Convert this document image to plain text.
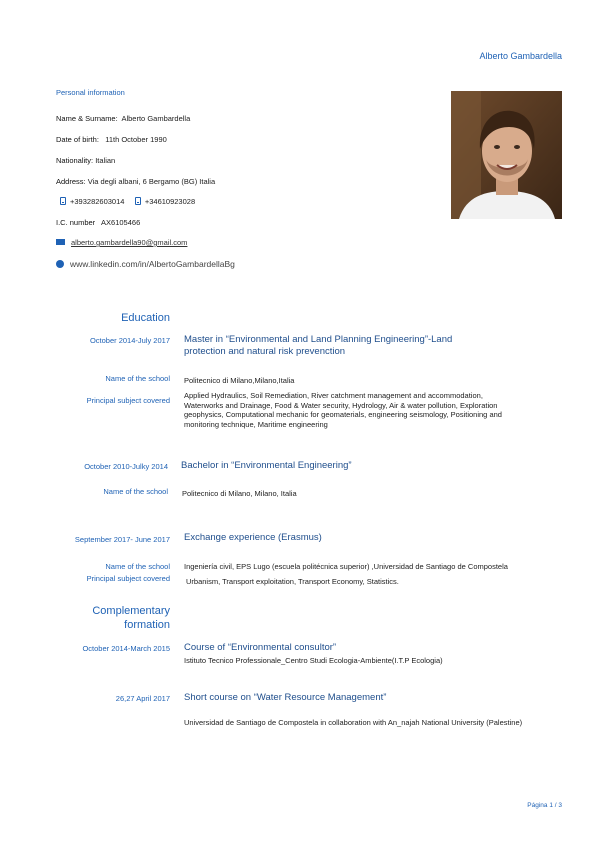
Alberto Gambardella
Personal information
Name & Surname: Alberto Gambardella
Date of birth: 11th October 1990
Nationality: Italian
Address: Via degli albani, 6 Bergamo (BG) Italia
+393282603014	+34610923028
I.C. number AX6105466
alberto.gambardella90@gmail.com
www.linkedin.com/in/AlbertoGambardellaBg
Education
October 2014-July 2017 Master in “Environmental and Land Planning Engineering”-Land
protection and natural risk prevenction
Name of the school Politecnico di Milano,Milano,Italia
Principal subject covered
Applied Hydraulics, Soil Remediation, River catchment management and accommodation,
Waterworks and Drainage, Food & Water security, Hydrology, Air & water pollution, Exploration
geophysics, Computational mechanic for geomaterials, engineering seismology, Positioning and
monitoring technique, Maritime engineering
October 2010-Julky 2014 Bachelor in “Environmental Engineering”
Name of the school Politecnico di Milano, Milano, Italia
September 2017- June 2017 Exchange experience (Erasmus)
Name of the school Ingeniería civil, EPS Lugo (escuela politécnica superior) ,Universidad de Santiago de Compostela
Principal subject covered Urbanism, Transport exploitation, Transport Economy, Statistics.
Complementary
formation
October 2014-March 2015 Course of “Environmental consultor”
Istituto Tecnico Professionale_Centro Studi Ecologia-Ambiente(I.T.P Ecologia)
26,27 April 2017 Short course on “Water Resource Management”
Universidad de Santiago de Compostela in collaboration with An_najah National University (Palestine)
Página 1 / 3
